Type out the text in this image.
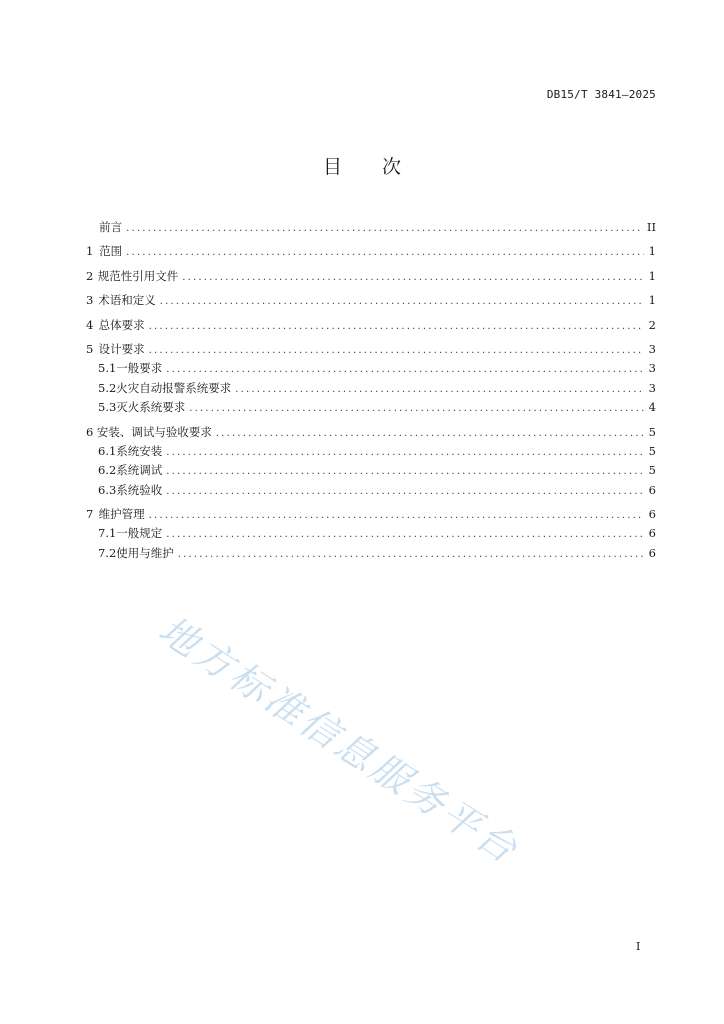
DB15/T 3841—2025
目 次
前言 .....	II
1 范围 .....	1
2 规范性引用文件 .....	1
3 术语和定义 .....	1
4 总体要求 .....	2
5 设计要求 .....	3
5.1 一般要求 .....	3
5.2 火灾自动报警系统要求 .....	3
5.3 灭火系统要求 .....	4
6 安装、调试与验收要求 .....	5
6.1 系统安装 .....	5
6.2 系统调试 .....	5
6.3 系统验收 .....	6
7 维护管理 .....	6
7.1 一般规定 .....	6
7.2 使用与维护 .....	6
地方标准信息服务平台
I
